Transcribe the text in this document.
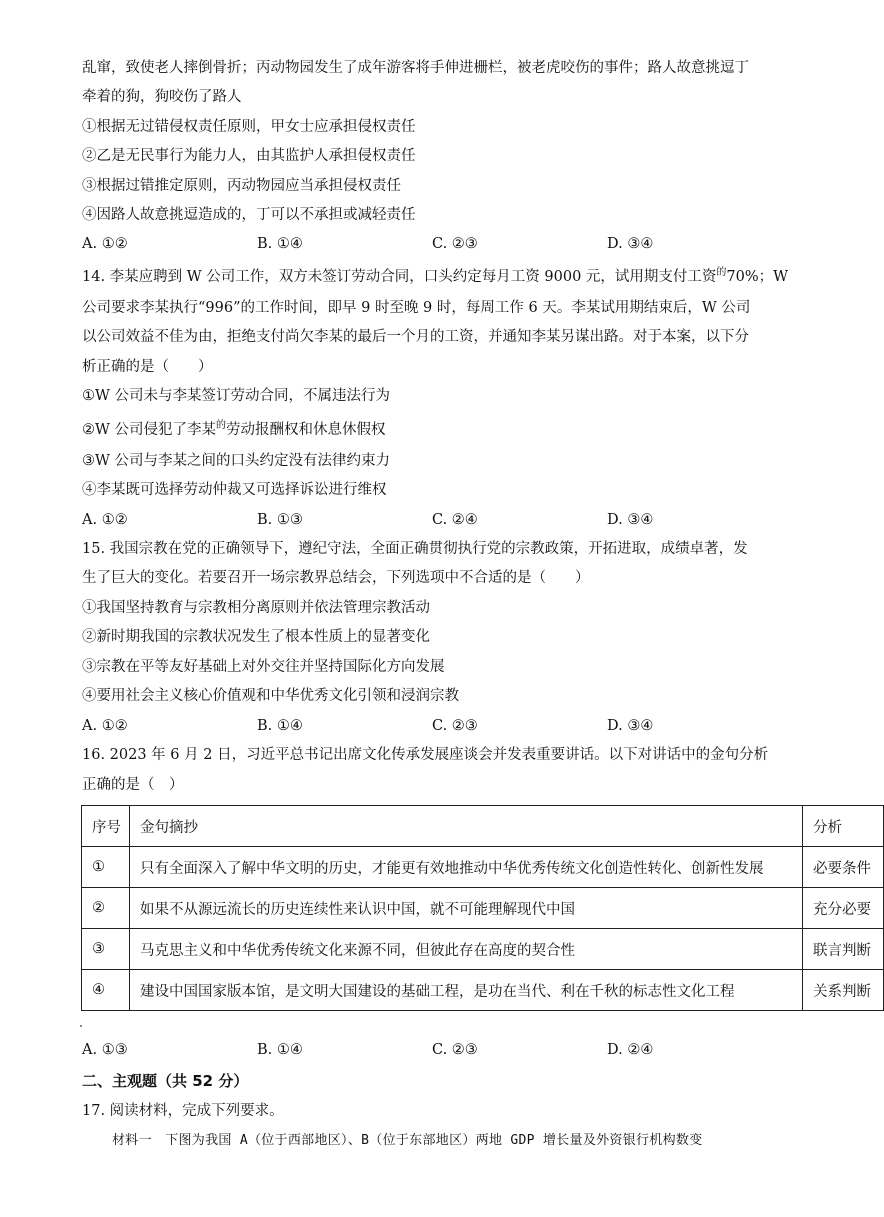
乱窜，致使老人摔倒骨折；丙动物园发生了成年游客将手伸进栅栏，被老虎咬伤的事件；路人故意挑逗丁
牵着的狗，狗咬伤了路人
①根据无过错侵权责任原则，甲女士应承担侵权责任
②乙是无民事行为能力人，由其监护人承担侵权责任
③根据过错推定原则，丙动物园应当承担侵权责任
④因路人故意挑逗造成的，丁可以不承担或减轻责任
A. ①②	B. ①④	C. ②③	D. ③④
14. 李某应聘到 W 公司工作，双方未签订劳动合同，口头约定每月工资 9000 元，试用期支付工资$^的$70%；W
公司要求李某执行“996”的工作时间，即早 9 时至晚 9 时，每周工作 6 天。李某试用期结束后，W 公司
以公司效益不佳为由，拒绝支付尚欠李某的最后一个月的工资，并通知李某另谋出路。对于本案，以下分
析正确的是（　　）
①W 公司未与李某签订劳动合同，不属违法行为
②W 公司侵犯了李某$^的$劳动报酬权和休息休假权
③W 公司与李某之间的口头约定没有法律约束力
④李某既可选择劳动仲裁又可选择诉讼进行维权
A. ①②	B. ①③	C. ②④	D. ③④
15. 我国宗教在党的正确领导下，遵纪守法，全面正确贯彻执行党的宗教政策，开拓进取，成绩卓著，发
生了巨大的变化。若要召开一场宗教界总结会，下列选项中不合适的是（　　）
①我国坚持教育与宗教相分离原则并依法管理宗教活动
②新时期我国的宗教状况发生了根本性质上的显著变化
③宗教在平等友好基础上对外交往并坚持国际化方向发展
④要用社会主义核心价值观和中华优秀文化引领和浸润宗教
A. ①②	B. ①④	C. ②③	D. ③④
16. 2023 年 6 月 2 日，习近平总书记出席文化传承发展座谈会并发表重要讲话。以下对讲话中的金句分析
正确的是（　）
序号	金句摘抄	分析
①	只有全面深入了解中华文明的历史，才能更有效地推动中华优秀传统文化创造性转化、创新性发展	必要条件
②	如果不从源远流长的历史连续性来认识中国，就不可能理解现代中国	充分必要
③	马克思主义和中华优秀传统文化来源不同，但彼此存在高度的契合性	联言判断
④	建设中国国家版本馆，是文明大国建设的基础工程，是功在当代、利在千秋的标志性文化工程	关系判断
A. ①③	B. ①④	C. ②③	D. ②④
二、主观题（共 52 分）
17. 阅读材料，完成下列要求。
材料一　下图为我国 A（位于西部地区）、B（位于东部地区）两地 GDP 增长量及外资银行机构数变
